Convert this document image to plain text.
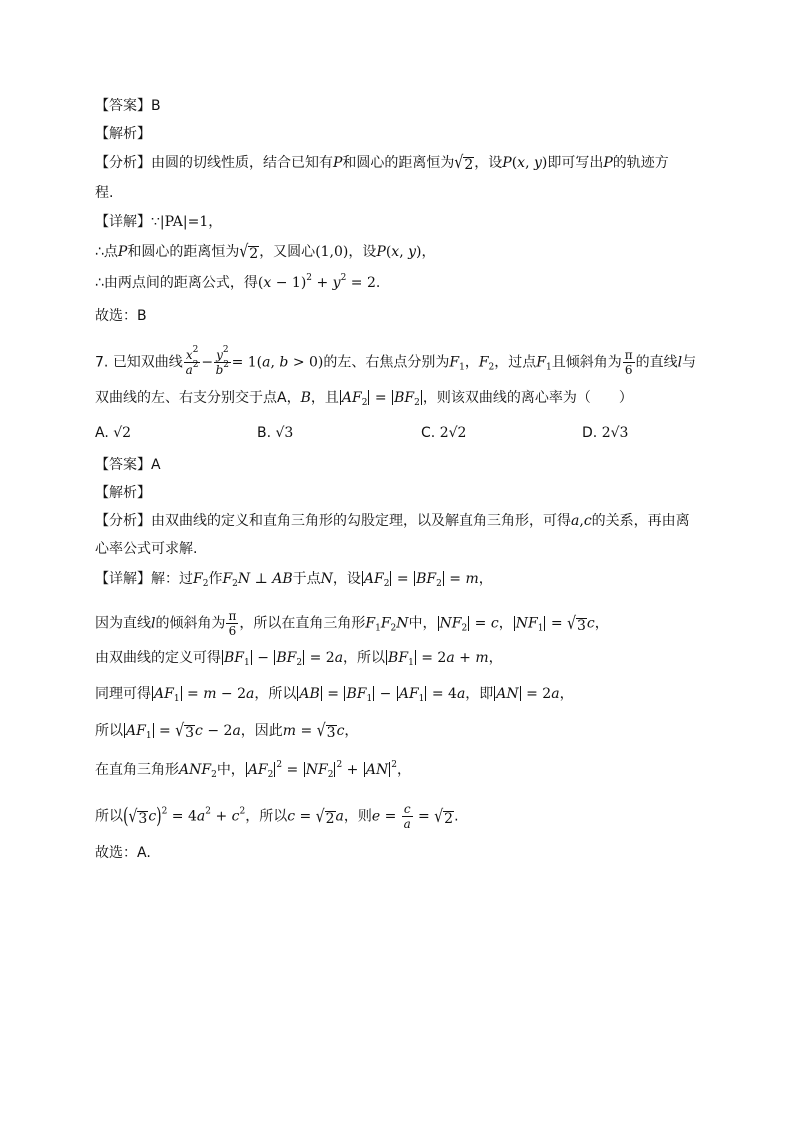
【答案】B
【解析】
【分析】由圆的切线性质，结合已知有P和圆心的距离恒为 √ 2 ，设P(x, y)即可写出P的轨迹方
程.
【详解】∵|PA|=1，
∴点P和圆心的距离恒为 √ 2 ，又圆心(1,0)，设P(x, y)，
∴由两点间的距离公式，得$(x - 1)^2 + y^2 = 2$.
故选：B
7. 已知双曲线 $\frac{x^2}{a^2} - \frac{y^2}{b^2} = 1(a$, b > 0)的左、右焦点分别为$F_1$，$F_2$，过点$F_1$且倾斜角为 $\frac{\pi}{6}$ 的直线l与
双曲线的左、右支分别交于点A，B，且 $AF_2 = BF_2$ ，则该双曲线的离心率为（　　）
A. √2	B. √3	C. 2√2	D. 2√3
【答案】A
【解析】
【分析】由双曲线的定义和直角三角形的勾股定理，以及解直角三角形，可得a,c的关系，再由离
心率公式可求解.
【详解】解：过$F_2$作$F_2N$ ⊥ AB于点N，设 $AF_2 = BF_2 = m$，
因为直线l的倾斜角为 $\frac{\pi}{6}$ ，所以在直角三角形$F_1F_2N$中， $NF_2 = c$， $NF_1$ = √ 3 c，
由双曲线的定义可得 $BF_1 - BF_2 = 2a$，所以 $BF_1 = 2a + m$，
同理可得 $AF_1 = m - 2a$，所以 AB = $BF_1 - AF_1 = 4a$，即 AN = 2a，
所以 $AF_1$ = √ 3 c − 2a，因此m = √ 3 c，
在直角三角形$ANF_2$中， $AF_2^2 = NF_2^2$ + AN $^2$，
所以( √ 3 $c)^2 = 4a^2 + c^2$，所以c = √ 2 a，则$e = \frac{c}{a}$ = √ 2 .
故选：A.
